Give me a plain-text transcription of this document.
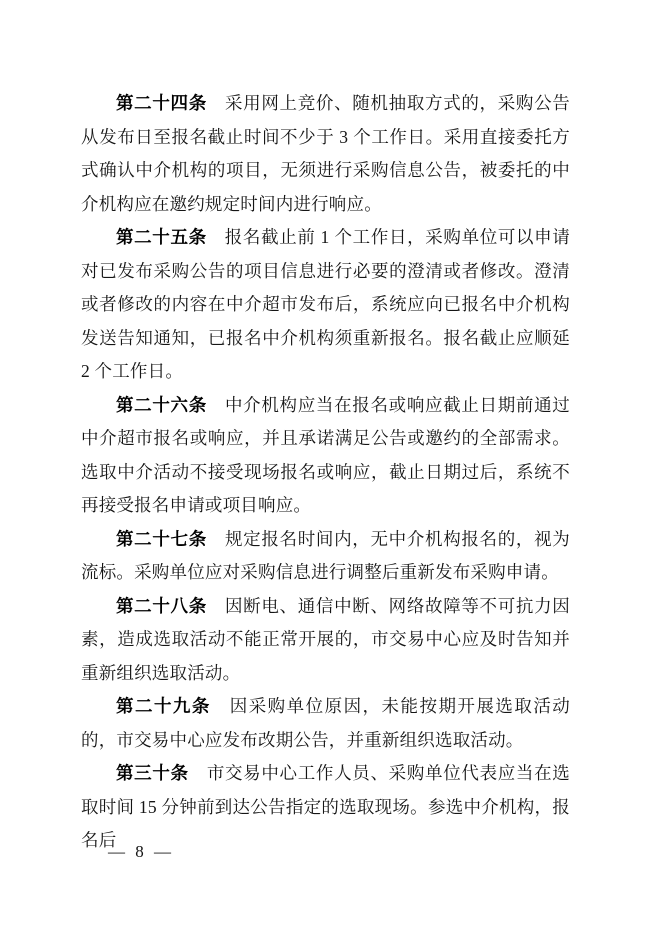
第二十四条 采用网上竞价、随机抽取方式的，采购公告从发布日至报名截止时间不少于 3 个工作日。采用直接委托方式确认中介机构的项目，无须进行采购信息公告，被委托的中介机构应在邀约规定时间内进行响应。

第二十五条 报名截止前 1 个工作日，采购单位可以申请对已发布采购公告的项目信息进行必要的澄清或者修改。澄清或者修改的内容在中介超市发布后，系统应向已报名中介机构发送告知通知，已报名中介机构须重新报名。报名截止应顺延 2 个工作日。

第二十六条 中介机构应当在报名或响应截止日期前通过中介超市报名或响应，并且承诺满足公告或邀约的全部需求。选取中介活动不接受现场报名或响应，截止日期过后，系统不再接受报名申请或项目响应。

第二十七条 规定报名时间内，无中介机构报名的，视为流标。采购单位应对采购信息进行调整后重新发布采购申请。

第二十八条 因断电、通信中断、网络故障等不可抗力因素，造成选取活动不能正常开展的，市交易中心应及时告知并重新组织选取活动。

第二十九条 因采购单位原因，未能按期开展选取活动的，市交易中心应发布改期公告，并重新组织选取活动。

第三十条 市交易中心工作人员、采购单位代表应当在选取时间 15 分钟前到达公告指定的选取现场。参选中介机构，报名后

— 8 —
